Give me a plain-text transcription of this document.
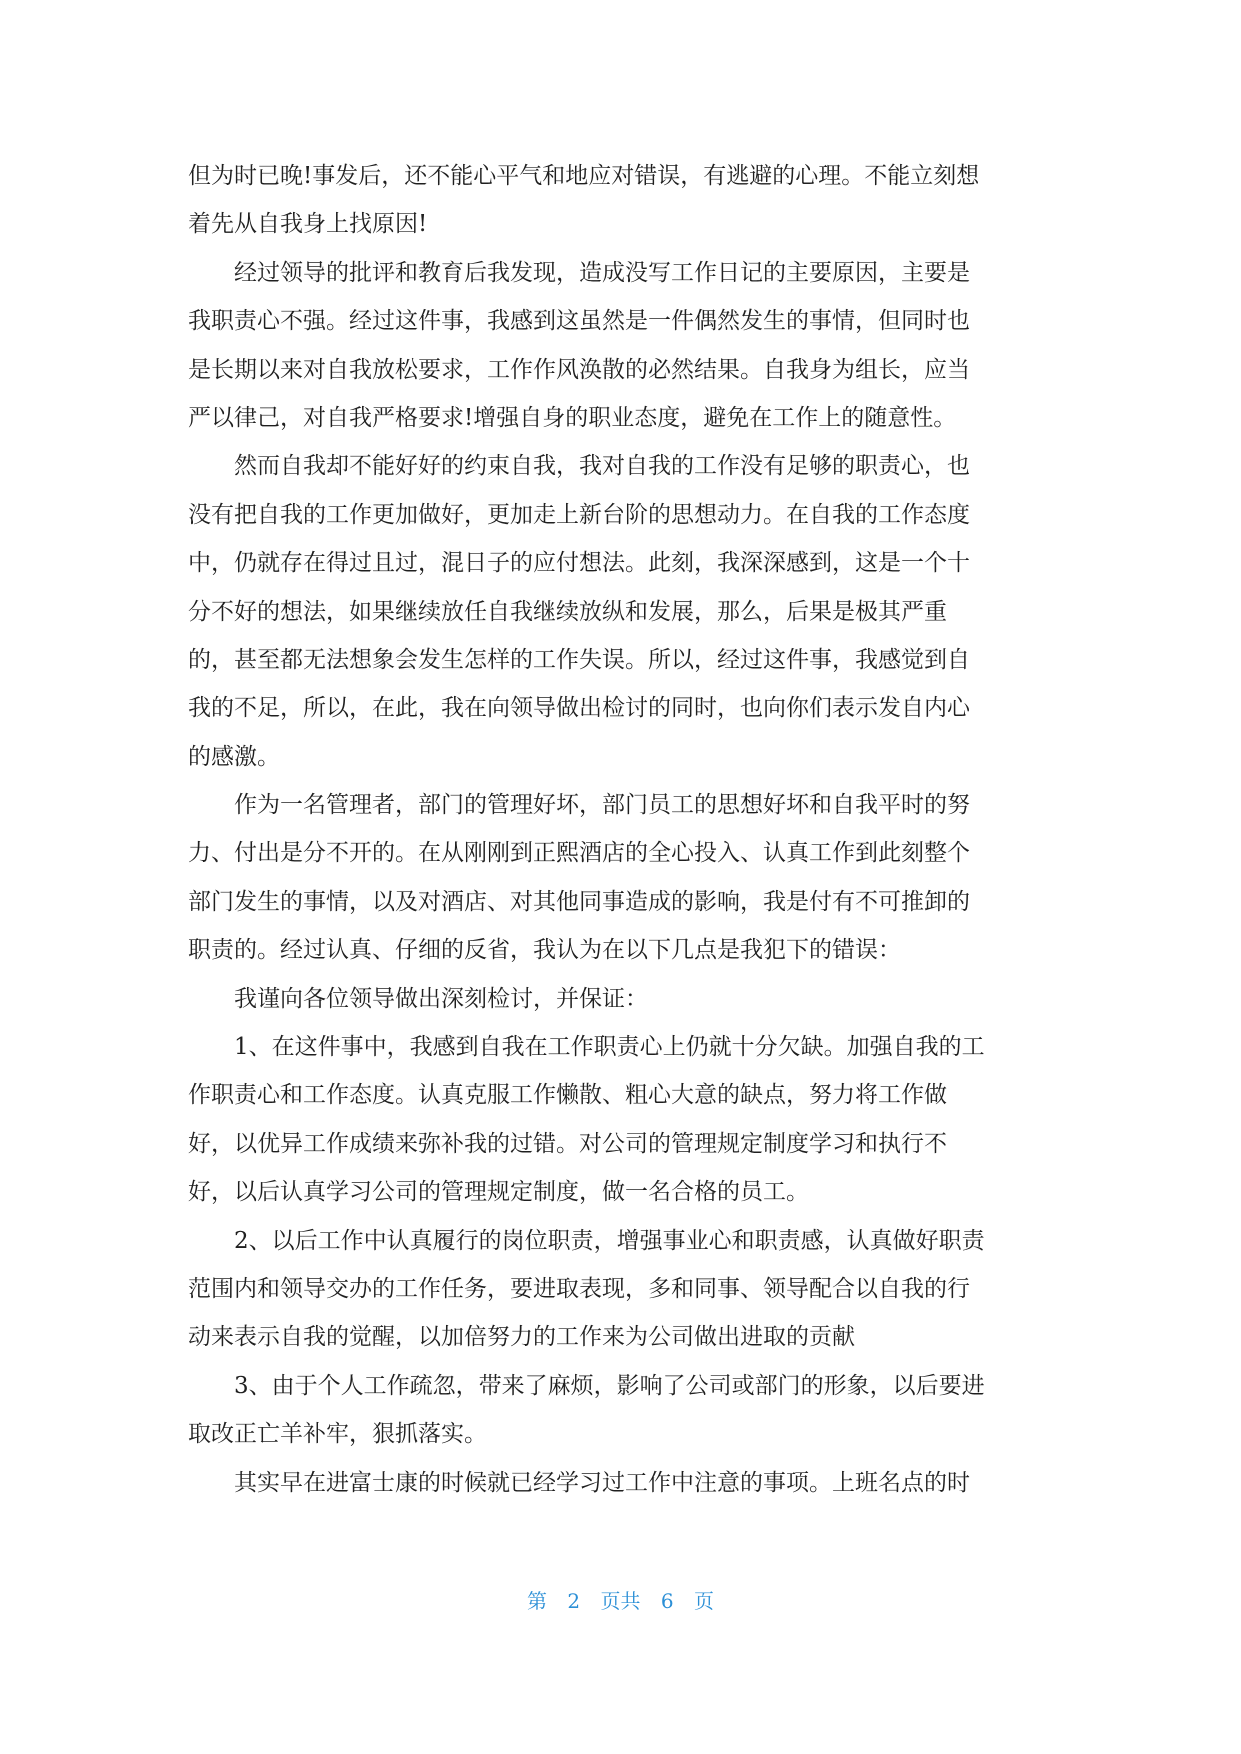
但为时已晚!事发后，还不能心平气和地应对错误，有逃避的心理。不能立刻想
着先从自我身上找原因!
　　经过领导的批评和教育后我发现，造成没写工作日记的主要原因，主要是
我职责心不强。经过这件事，我感到这虽然是一件偶然发生的事情，但同时也
是长期以来对自我放松要求，工作作风涣散的必然结果。自我身为组长，应当
严以律己，对自我严格要求!增强自身的职业态度，避免在工作上的随意性。
　　然而自我却不能好好的约束自我，我对自我的工作没有足够的职责心，也
没有把自我的工作更加做好，更加走上新台阶的思想动力。在自我的工作态度
中，仍就存在得过且过，混日子的应付想法。此刻，我深深感到，这是一个十
分不好的想法，如果继续放任自我继续放纵和发展，那么，后果是极其严重
的，甚至都无法想象会发生怎样的工作失误。所以，经过这件事，我感觉到自
我的不足，所以，在此，我在向领导做出检讨的同时，也向你们表示发自内心
的感激。
　　作为一名管理者，部门的管理好坏，部门员工的思想好坏和自我平时的努
力、付出是分不开的。在从刚刚到正熙酒店的全心投入、认真工作到此刻整个
部门发生的事情，以及对酒店、对其他同事造成的影响，我是付有不可推卸的
职责的。经过认真、仔细的反省，我认为在以下几点是我犯下的错误：
　　我谨向各位领导做出深刻检讨，并保证：
　　1、在这件事中，我感到自我在工作职责心上仍就十分欠缺。加强自我的工
作职责心和工作态度。认真克服工作懒散、粗心大意的缺点，努力将工作做
好，以优异工作成绩来弥补我的过错。对公司的管理规定制度学习和执行不
好，以后认真学习公司的管理规定制度，做一名合格的员工。
　　2、以后工作中认真履行的岗位职责，增强事业心和职责感，认真做好职责
范围内和领导交办的工作任务，要进取表现，多和同事、领导配合以自我的行
动来表示自我的觉醒，以加倍努力的工作来为公司做出进取的贡献
　　3、由于个人工作疏忽，带来了麻烦，影响了公司或部门的形象，以后要进
取改正亡羊补牢，狠抓落实。
　　其实早在进富士康的时候就已经学习过工作中注意的事项。上班名点的时
第 2 页共 6 页
